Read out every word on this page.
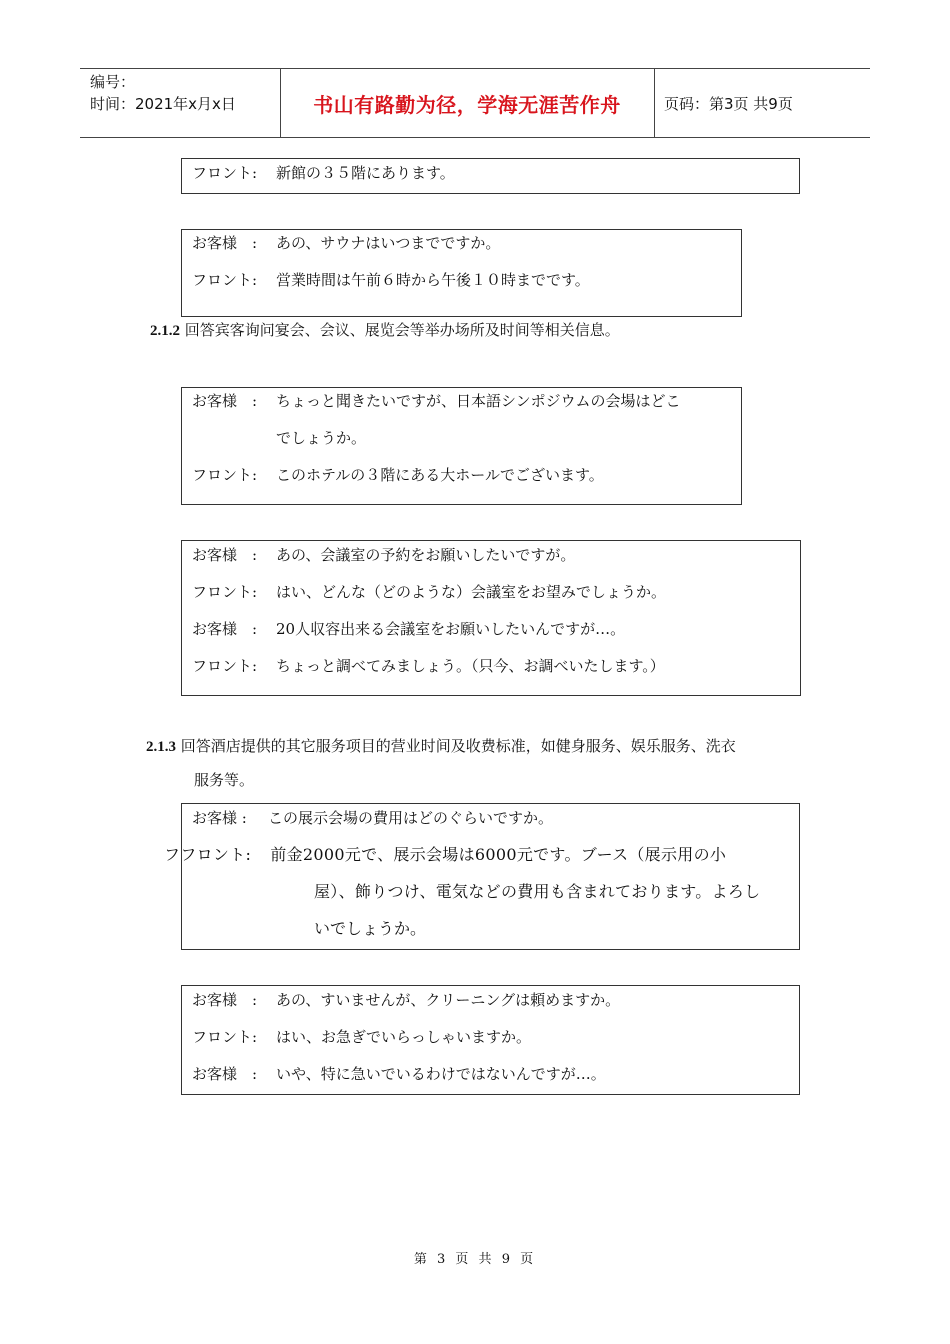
编号：
时间：2021年x月x日	书山有路勤为径，学海无涯苦作舟	页码：第3页 共9页
フロント: 新館の３５階にあります。
お客様　: あの、サウナはいつまでですか。
フロント: 営業時間は午前６時から午後１０時までです。
2.1.2 回答宾客询问宴会、会议、展览会等举办场所及时间等相关信息。
お客様　: ちょっと聞きたいですが、日本語シンポジウムの会場はどこ
でしょうか。
フロント: このホテルの３階にある大ホールでございます。
お客様　: あの、会議室の予約をお願いしたいですが。
フロント: はい、どんな（どのような）会議室をお望みでしょうか。
お客様　: 20人収容出来る会議室をお願いしたいんですが…。
フロント: ちょっと調べてみましょう。（只今、お調べいたします。）
2.1.3 回答酒店提供的其它服务项目的营业时间及收费标准，如健身服务、娱乐服务、洗衣
服务等。
お客様 : この展示会場の費用はどのぐらいですか。
フフロント: 前金2000元で、展示会場は6000元です。ブース（展示用の小
屋）、飾りつけ、電気などの費用も含まれております。よろし
いでしょうか。
お客様　: あの、すいませんが、クリーニングは頼めますか。
フロント: はい、お急ぎでいらっしゃいますか。
お客様　: いや、特に急いでいるわけではないんですが…。
第 3 页 共 9 页
